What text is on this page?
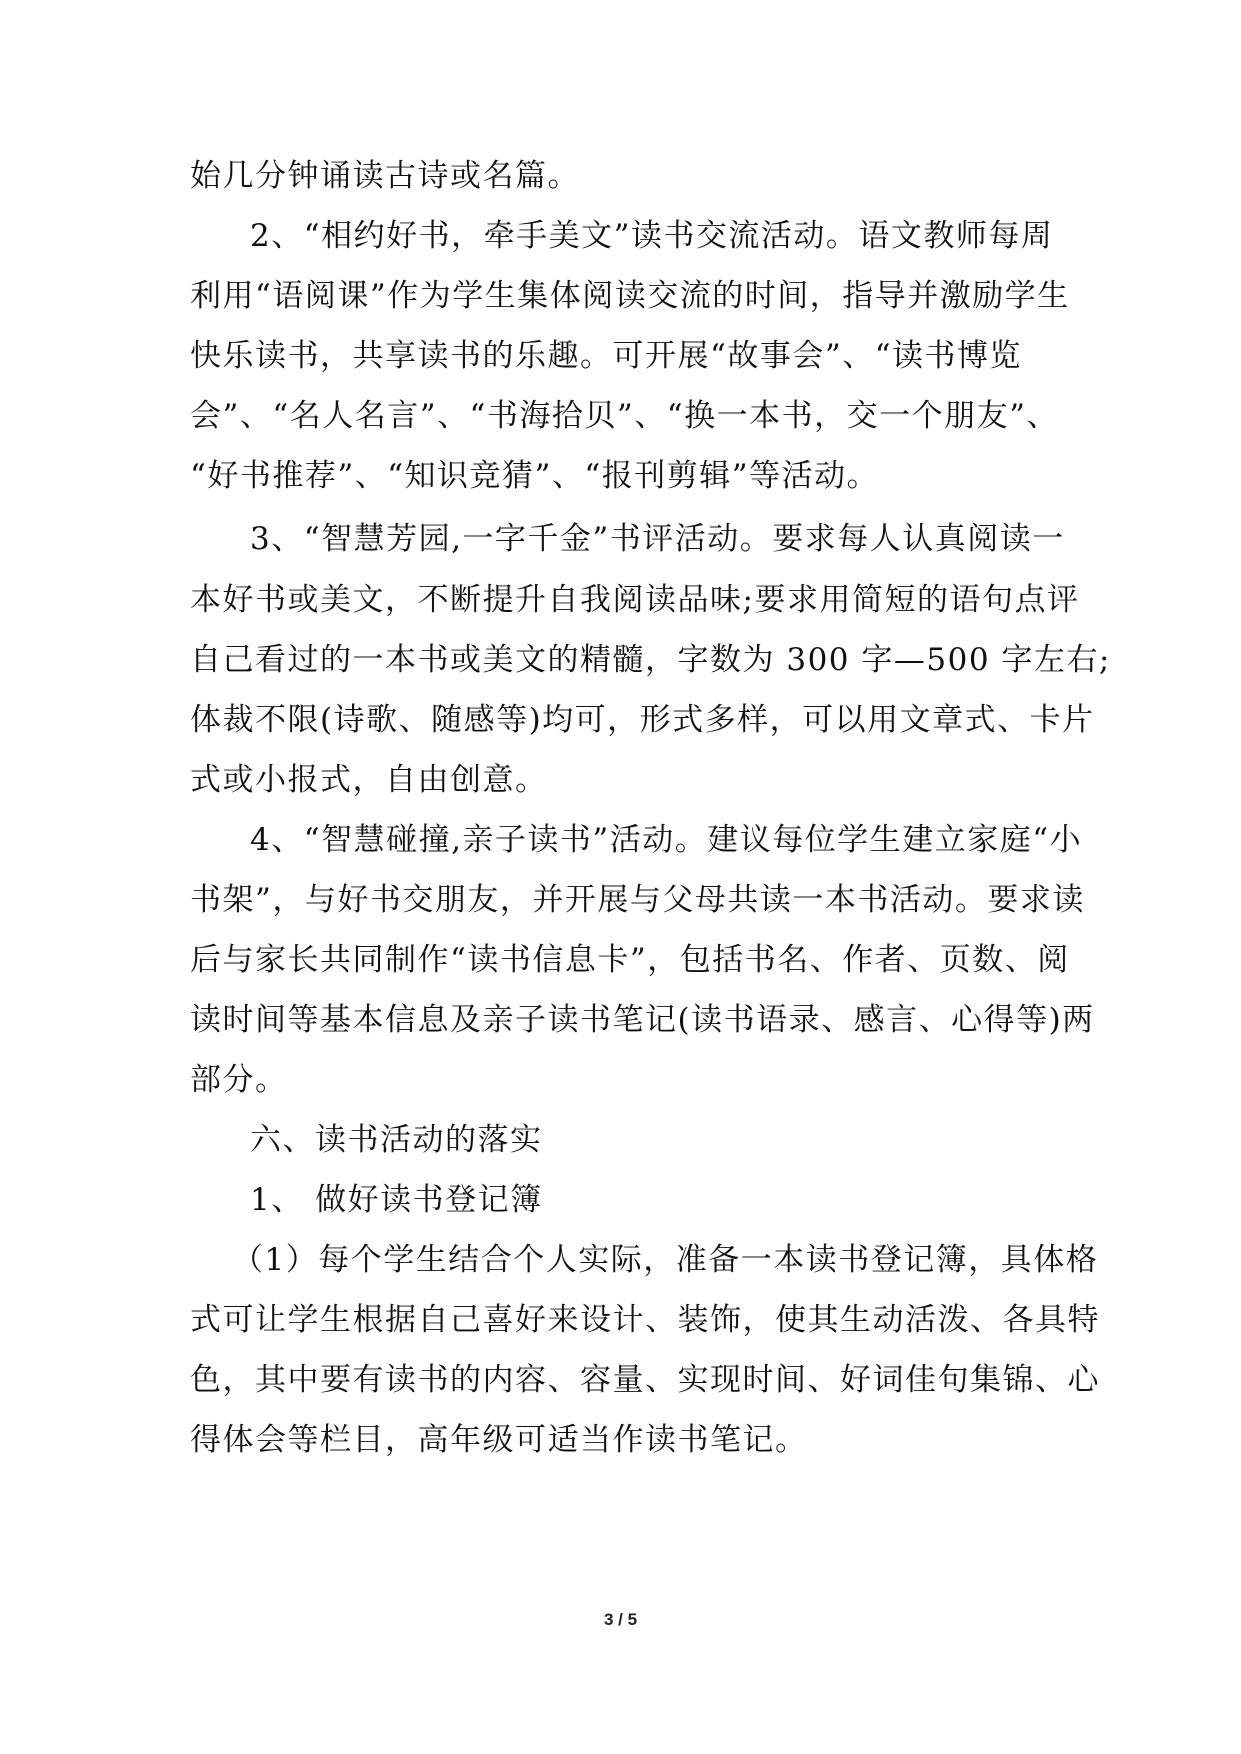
始几分钟诵读古诗或名篇。
2、“相约好书，牵手美文”读书交流活动。语文教师每周
利用“语阅课”作为学生集体阅读交流的时间，指导并激励学生
快乐读书，共享读书的乐趣。可开展“故事会”、“读书博览
会”、“名人名言”、“书海拾贝”、“换一本书，交一个朋友”、
“好书推荐”、“知识竞猜”、“报刊剪辑”等活动。
3、“智慧芳园,一字千金”书评活动。要求每人认真阅读一
本好书或美文，不断提升自我阅读品味;要求用简短的语句点评
自己看过的一本书或美文的精髓，字数为 300 字—500 字左右;
体裁不限(诗歌、随感等)均可，形式多样，可以用文章式、卡片
式或小报式，自由创意。
4、“智慧碰撞,亲子读书”活动。建议每位学生建立家庭“小
书架”，与好书交朋友，并开展与父母共读一本书活动。要求读
后与家长共同制作“读书信息卡”，包括书名、作者、页数、阅
读时间等基本信息及亲子读书笔记(读书语录、感言、心得等)两
部分。
六、读书活动的落实
1、 做好读书登记簿
（1）每个学生结合个人实际，准备一本读书登记簿，具体格
式可让学生根据自己喜好来设计、装饰，使其生动活泼、各具特
色，其中要有读书的内容、容量、实现时间、好词佳句集锦、心
得体会等栏目，高年级可适当作读书笔记。
3 / 5
